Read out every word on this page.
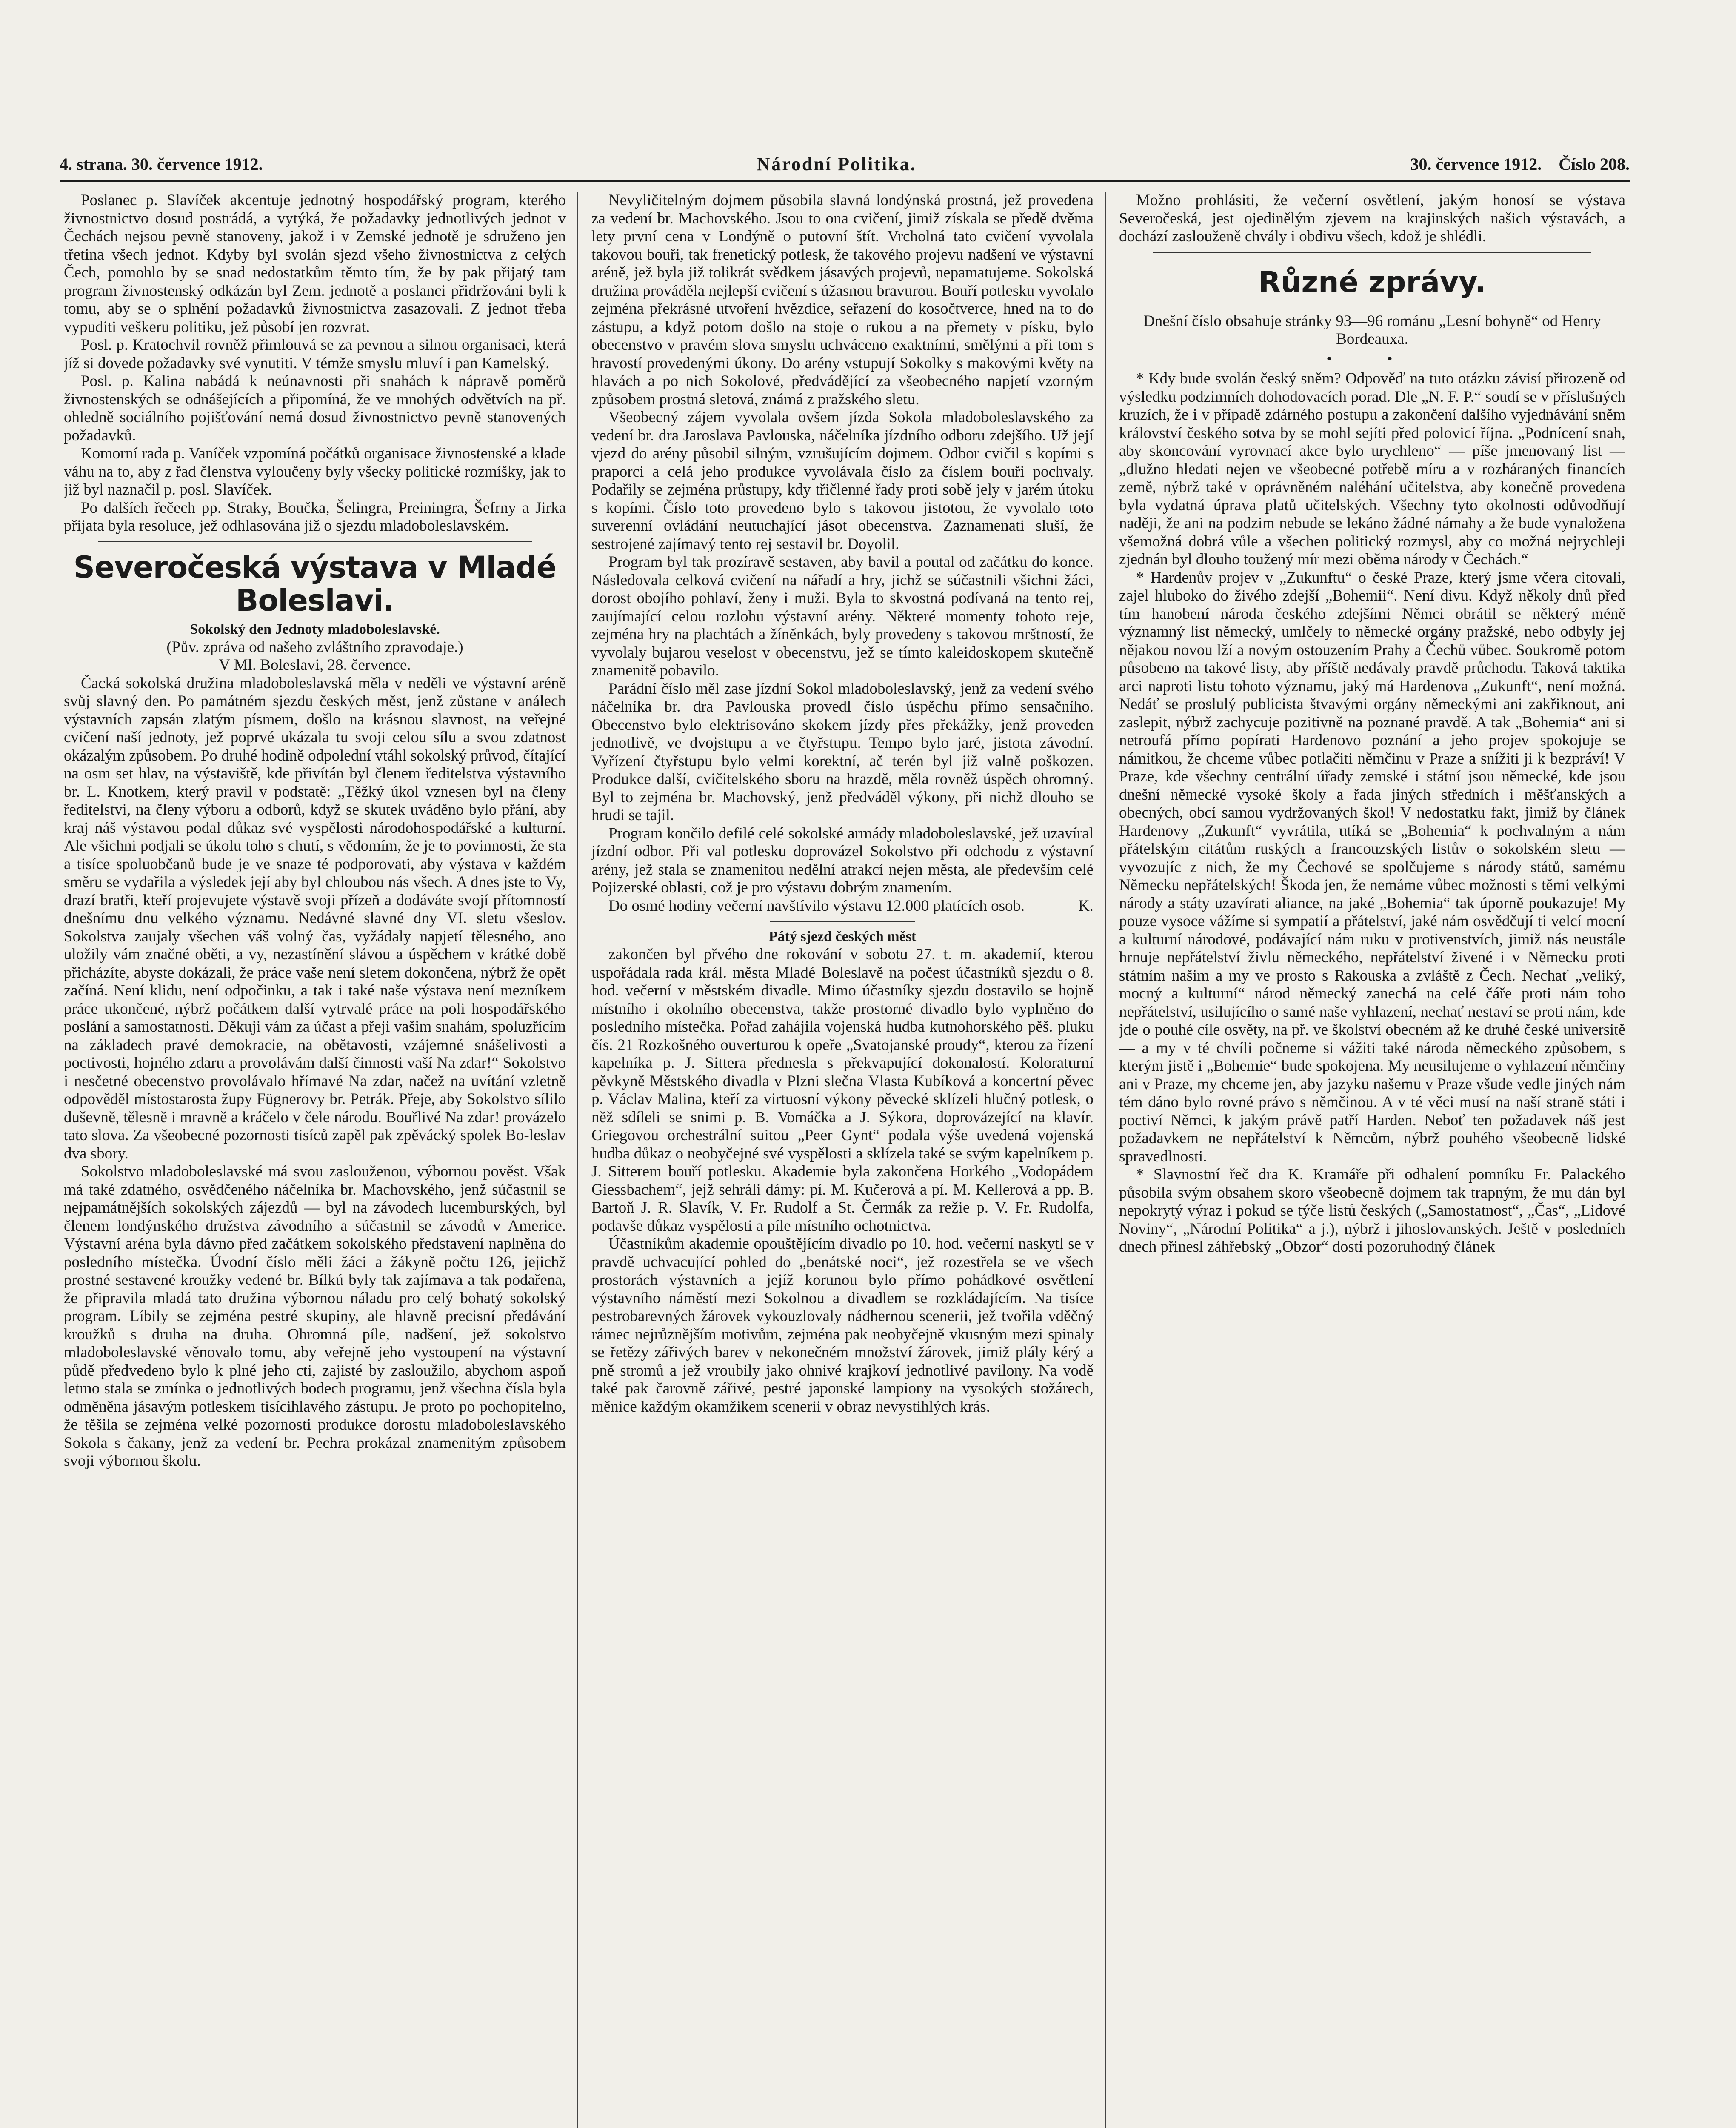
4. strana. 30. července 1912.	Národní Politika.	30. července 1912. Číslo 208.

Poslanec p. Slavíček akcentuje jednotný hospodářský program, kterého živnostnictvo dosud postrádá, a vytýká, že požadavky jednotlivých jednot v Čechách nejsou pevně stanoveny, jakož i v Zemské jednotě je sdruženo jen třetina všech jednot. Kdyby byl svolán sjezd všeho živnostnictva z celých Čech, pomohlo by se snad nedostatkům těmto tím, že by pak přijatý tam program živnostenský odkázán byl Zem. jednotě a poslanci přidržováni byli k tomu, aby se o splnění požadavků živnostnictva zasazovali. Z jednot třeba vypuditi veškeru politiku, jež působí jen rozvrat.

Posl. p. Kratochvil rovněž přimlouvá se za pevnou a silnou organisaci, která jíž si dovede požadavky své vynutiti. V témže smyslu mluví i pan Kamelský.

Posl. p. Kalina nabádá k neúnavnosti při snahách k nápravě poměrů živnostenských se odnášejících a připomíná, že ve mnohých odvětvích na př. ohledně sociálního pojišťování nemá dosud živnostnictvo pevně stanovených požadavků.

Komorní rada p. Vaníček vzpomíná počátků organisace živnostenské a klade váhu na to, aby z řad členstva vyloučeny byly všecky politické rozmíšky, jak to již byl naznačil p. posl. Slavíček.

Po dalších řečech pp. Straky, Boučka, Šelingra, Preiningra, Šefrny a Jirka přijata byla resoluce, jež odhlasována již o sjezdu mladoboleslavském.

Severočeská výstava v Mladé Boleslavi.
Sokolský den Jednoty mladoboleslavské.

(Pův. zpráva od našeho zvláštního zpravodaje.)

V Ml. Boleslavi, 28. července.

Čacká sokolská družina mladoboleslavská měla v neděli ve výstavní aréně svůj slavný den. Po památném sjezdu českých měst, jenž zůstane v análech výstavních zapsán zlatým písmem, došlo na krásnou slavnost, na veřejné cvičení naší jednoty, jež poprvé ukázala tu svoji celou sílu a svou zdatnost okázalým způsobem. Po druhé hodině odpolední vtáhl sokolský průvod, čítající na osm set hlav, na výstaviště, kde přivítán byl členem ředitelstva výstavního br. L. Knotkem, který pravil v podstatě: „Těžký úkol vznesen byl na členy ředitelstvi, na členy výboru a odborů, když se skutek uváděno bylo přání, aby kraj náš výstavou podal důkaz své vyspělosti národohospodářské a kulturní. Ale všichni podjali se úkolu toho s chutí, s vědomím, že je to povinnosti, že sta a tisíce spoluobčanů bude je ve snaze té podporovati, aby výstava v každém směru se vydařila a výsledek její aby byl chloubou nás všech. A dnes jste to Vy, drazí bratři, kteří projevujete výstavě svoji přízeň a dodáváte svojí přítomností dnešnímu dnu velkého významu. Nedávné slavné dny VI. sletu všeslov. Sokolstva zaujaly všechen váš volný čas, vyžádaly napjetí tělesného, ano uložily vám značné oběti, a vy, nezastínění slávou a úspěchem v krátké době přicházíte, abyste dokázali, že práce vaše není sletem dokončena, nýbrž že opět začíná. Není klidu, není odpočinku, a tak i také naše výstava není mezníkem práce ukončené, nýbrž počátkem další vytrvalé práce na poli hospodářského poslání a samostatnosti. Děkuji vám za účast a přeji vašim snahám, spoluzřícím na základech pravé demokracie, na obětavosti, vzájemné snášelivosti a poctivosti, hojného zdaru a provolávám další činnosti vaší Na zdar!“ Sokolstvo i nesčetné obecenstvo provolávalo hřímavé Na zdar, načež na uvítání vzletně odpověděl místostarosta župy Fügnerovy br. Petrák. Přeje, aby Sokolstvo sílilo duševně, tělesně i mravně a kráčelo v čele národu. Bouřlivé Na zdar! provázelo tato slova. Za všeobecné pozornosti tisíců zapěl pak zpěvácký spolek Bo-leslav dva sbory.

Sokolstvo mladoboleslavské má svou zaslouženou, výbornou pověst. Však má také zdatného, osvědčeného náčelníka br. Machovského, jenž súčastnil se nejpamátnějších sokolských zájezdů — byl na závodech lucemburských, byl členem londýnského družstva závodního a súčastnil se závodů v Americe. Výstavní aréna byla dávno před začátkem sokolského představení naplněna do posledního místečka. Úvodní číslo měli žáci a žákyně počtu 126, jejichž prostné sestavené kroužky vedené br. Bílkú byly tak zajímava a tak podařena, že připravila mladá tato družina výbornou náladu pro celý bohatý sokolský program. Líbily se zejména pestré skupiny, ale hlavně precisní předávání kroužků s druha na druha. Ohromná píle, nadšení, jež sokolstvo mladoboleslavské věnovalo tomu, aby veřejně jeho vystoupení na výstavní půdě předvedeno bylo k plné jeho cti, zajisté by zasloužilo, abychom aspoň letmo stala se zmínka o jednotlivých bodech programu, jenž všechna čísla byla odměněna jásavým potleskem tisícihlavého zástupu. Je proto po pochopitelno, že těšila se zejména velké pozornosti produkce dorostu mladoboleslavského Sokola s čakany, jenž za vedení br. Pechra prokázal znamenitým způsobem svoji výbornou školu.

Nevyličitelným dojmem působila slavná londýnská prostná, jež provedena za vedení br. Machovského. Jsou to ona cvičení, jimiž získala se předě dvěma lety první cena v Londýně o putovní štít. Vrcholná tato cvičení vyvolala takovou bouři, tak frenetický potlesk, že takového projevu nadšení ve výstavní aréně, jež byla již tolikrát svědkem jásavých projevů, nepamatujeme. Sokolská družina prováděla nejlepší cvičení s úžasnou bravurou. Bouří potlesku vyvolalo zejména překrásné utvoření hvězdice, seřazení do kosočtverce, hned na to do zástupu, a když potom došlo na stoje o rukou a na přemety v písku, bylo obecenstvo v pravém slova smyslu uchváceno exaktními, smělými a při tom s hravostí provedenými úkony. Do arény vstupují Sokolky s makovými květy na hlavách a po nich Sokolové, předvádějící za všeobecného napjetí vzorným způsobem prostná sletová, známá z pražského sletu.

Všeobecný zájem vyvolala ovšem jízda Sokola mladoboleslavského za vedení br. dra Jaroslava Pavlouska, náčelníka jízdního odboru zdejšího. Už její vjezd do arény působil silným, vzrušujícím dojmem. Odbor cvičil s kopími s praporci a celá jeho produkce vyvolávala číslo za číslem bouři pochvaly. Podařily se zejména průstupy, kdy třičlenné řady proti sobě jely v jarém útoku s kopími. Číslo toto provedeno bylo s takovou jistotou, že vyvolalo toto suverenní ovládání neutuchající jásot obecenstva. Zaznamenati sluší, že sestrojené zajímavý tento rej sestavil br. Doyolil.

Program byl tak prozíravě sestaven, aby bavil a poutal od začátku do konce. Následovala celková cvičení na nářadí a hry, jichž se súčastnili všichni žáci, dorost obojího pohlaví, ženy i muži. Byla to skvostná podívaná na tento rej, zaujímající celou rozlohu výstavní arény. Některé momenty tohoto reje, zejména hry na plachtách a žíněnkách, byly provedeny s takovou mrštností, že vyvolaly bujarou veselost v obecenstvu, jež se tímto kaleidoskopem skutečně znamenitě pobavilo.

Parádní číslo měl zase jízdní Sokol mladoboleslavský, jenž za vedení svého náčelníka br. dra Pavlouska provedl číslo úspěchu přímo sensačního. Obecenstvo bylo elektrisováno skokem jízdy přes překážky, jenž proveden jednotlivě, ve dvojstupu a ve čtyřstupu. Tempo bylo jaré, jistota závodní. Vyřízení čtyřstupu bylo velmi korektní, ač terén byl již valně poškozen. Produkce další, cvičitelského sboru na hrazdě, měla rovněž úspěch ohromný. Byl to zejména br. Machovský, jenž předváděl výkony, při nichž dlouho se hrudi se tajil.

Program končilo defilé celé sokolské armády mladoboleslavské, jež uzavíral jízdní odbor. Při val potlesku doprovázel Sokolstvo při odchodu z výstavní arény, jež stala se znamenitou nedělní atrakcí nejen města, ale především celé Pojizerské oblasti, což je pro výstavu dobrým znamením.

Do osmé hodiny večerní navštívilo výstavu 12.000 platících osob.	K.
Pátý sjezd českých měst

zakončen byl přvého dne rokování v sobotu 27. t. m. akademií, kterou uspořádala rada král. města Mladé Boleslavě na počest účastníků sjezdu o 8. hod. večerní v městském divadle. Mimo účastníky sjezdu dostavilo se hojně místního i okolního obecenstva, takže prostorné divadlo bylo vyplněno do posledního místečka. Pořad zahájila vojenská hudba kutnohorského pěš. pluku čís. 21 Rozkošného ouverturou k opeře „Svatojanské proudy“, kterou za řízení kapelníka p. J. Sittera přednesla s překvapující dokonalostí. Koloraturní pěvkyně Městského divadla v Plzni slečna Vlasta Kubíková a koncertní pěvec p. Václav Malina, kteří za virtuosní výkony pěvecké sklízeli hlučný potlesk, o něž sdíleli se snimi p. B. Vomáčka a J. Sýkora, doprovázející na klavír. Griegovou orchestrální suitou „Peer Gynt“ podala výše uvedená vojenská hudba důkaz o neobyčejné své vyspělosti a sklízela také se svým kapelníkem p. J. Sitterem bouří potlesku. Akademie byla zakončena Horkého „Vodopádem Giessbachem“, jejž sehráli dámy: pí. M. Kučerová a pí. M. Kellerová a pp. B. Bartoň J. R. Slavík, V. Fr. Rudolf a St. Čermák za režie p. V. Fr. Rudolfa, podavše důkaz vyspělosti a píle místního ochotnictva.

Účastníkům akademie opouštějícím divadlo po 10. hod. večerní naskytl se v pravdě uchvacující pohled do „benátské noci“, jež rozestřela se ve všech prostorách výstavních a jejíž korunou bylo přímo pohádkové osvětlení výstavního náměstí mezi Sokolnou a divadlem se rozkládajícím. Na tisíce pestrobarevných žárovek vykouzlovaly nádhernou scenerii, jež tvořila vděčný rámec nejrůznějším motivům, zejména pak neobyčejně vkusným mezi spinaly se řetězy zářivých barev v nekonečném množství žárovek, jimiž plály kérý a pně stromů a jež vroubily jako ohnivé krajkoví jednotlivé pavilony. Na vodě také pak čarovně zářivé, pestré japonské lampiony na vysokých stožárech, měnice každým okamžikem scenerii v obraz nevystihlých krás.

Možno prohlásiti, že večerní osvětlení, jakým honosí se výstava Severočeská, jest ojedinělým zjevem na krajinských našich výstavách, a dochází zaslouženě chvály i obdivu všech, kdož je shlédli.

Různé zprávy.

Dnešní číslo obsahuje stránky 93—96 románu „Lesní bohyně“ od Henry Bordeauxa.

• •

* Kdy bude svolán český sněm? Odpověď na tuto otázku závisí přirozeně od výsledku podzimních dohodovacích porad. Dle „N. F. P.“ soudí se v příslušných kruzích, že i v případě zdárného postupu a zakončení dalšího vyjednávání sněm království českého sotva by se mohl sejíti před polovicí října. „Podnícení snah, aby skoncování vyrovnací akce bylo urychleno“ — píše jmenovaný list — „dlužno hledati nejen ve všeobecné potřebě míru a v rozháraných financích země, nýbrž také v oprávněném naléhání učitelstva, aby konečně provedena byla vydatná úprava platů učitelských. Všechny tyto okolnosti odůvodňují naději, že ani na podzim nebude se lekáno žádné námahy a že bude vynaložena všemožná dobrá vůle a všechen politický rozmysl, aby co možná nejrychleji zjednán byl dlouho toužený mír mezi oběma národy v Čechách.“

* Hardenův projev v „Zukunftu“ o české Praze, který jsme včera citovali, zajel hluboko do živého zdejší „Bohemii“. Není divu. Když několy dnů před tím hanobení národa českého zdejšími Němci obrátil se některý méně významný list německý, umlčely to německé orgány pražské, nebo odbyly jej nějakou novou lží a novým ostouzením Prahy a Čechů vůbec. Soukromě potom působeno na takové listy, aby příště nedávaly pravdě průchodu. Taková taktika arci naproti listu tohoto významu, jaký má Hardenova „Zukunft“, není možná. Nedáť se proslulý publicista štvavými orgány německými ani zakřiknout, ani zaslepit, nýbrž zachycuje pozitivně na poznané pravdě. A tak „Bohemia“ ani si netroufá přímo popírati Hardenovo poznání a jeho projev spokojuje se námitkou, že chceme vůbec potlačiti němčinu v Praze a snížiti ji k bezpráví! V Praze, kde všechny centrální úřady zemské i státní jsou německé, kde jsou dnešní německé vysoké školy a řada jiných středních i měšťanských a obecných, obcí samou vydržovaných škol! V nedostatku fakt, jimiž by článek Hardenovy „Zukunft“ vyvrátila, utíká se „Bohemia“ k pochvalným a nám přátelským citátům ruských a francouzských listův o sokolském sletu — vyvozujíc z nich, že my Čechové se spolčujeme s národy států, samému Německu nepřátelských! Škoda jen, že nemáme vůbec možnosti s těmi velkými národy a státy uzavírati aliance, na jaké „Bohemia“ tak úporně poukazuje! My pouze vysoce vážíme si sympatií a přátelství, jaké nám osvědčují ti velcí mocní a kulturní národové, podávající nám ruku v protivenstvích, jimiž nás neustále hrnuje nepřátelství živlu německého, nepřátelství živené i v Německu proti státním našim a my ve prosto s Rakouska a zvláště z Čech. Nechať „veliký, mocný a kulturní“ národ německý zanechá na celé čáře proti nám toho nepřátelství, usilujícího o samé naše vyhlazení, nechať nestaví se proti nám, kde jde o pouhé cíle osvěty, na př. ve školství obecném až ke druhé české universitě — a my v té chvíli počneme si vážiti také národa německého způsobem, s kterým jistě i „Bohemie“ bude spokojena. My neusilujeme o vyhlazení němčiny ani v Praze, my chceme jen, aby jazyku našemu v Praze všude vedle jiných nám tém dáno bylo rovné právo s němčinou. A v té věci musí na naší straně státi i poctiví Němci, k jakým právě patří Harden. Neboť ten požadavek náš jest požadavkem ne nepřátelství k Němcům, nýbrž pouhého všeobecně lidské spravedlnosti.

* Slavnostní řeč dra K. Kramáře při odhalení pomníku Fr. Palackého působila svým obsahem skoro všeobecně dojmem tak trapným, že mu dán byl nepokrytý výraz i pokud se týče listů českých („Samostatnost“, „Čas“, „Lidové Noviny“, „Národní Politika“ a j.), nýbrž i jihoslovanských. Ještě v posledních dnech přinesl záhřebský „Obzor“ dosti pozoruhodný článek
